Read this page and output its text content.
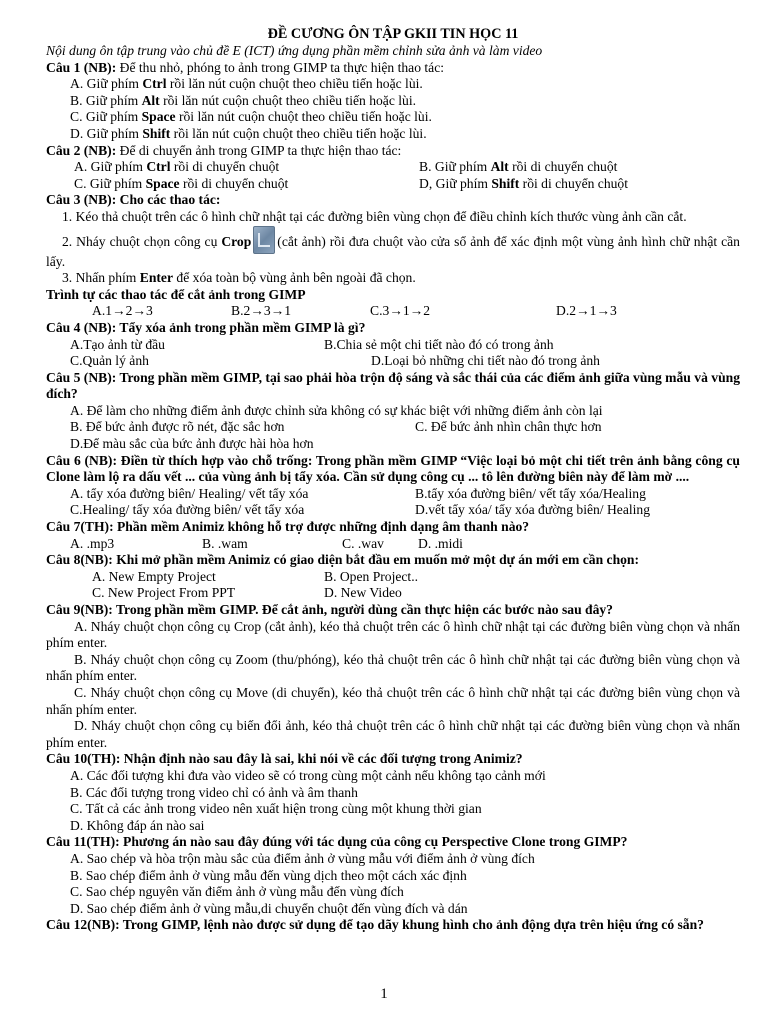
ĐỀ CƯƠNG ÔN TẬP GKII TIN HỌC 11
Nội dung ôn tập trung vào chủ đề E (ICT) ứng dụng phần mềm chỉnh sửa ảnh và làm video
Câu 1 (NB): Để thu nhỏ, phóng to ảnh trong GIMP ta thực hiện thao tác:
A. Giữ phím Ctrl rồi lăn nút cuộn chuột theo chiều tiến hoặc lùi.
B. Giữ phím Alt rồi lăn nút cuộn chuột theo chiều tiến hoặc lùi.
C. Giữ phím Space rồi lăn nút cuộn chuột theo chiều tiến hoặc lùi.
D. Giữ phím Shift rồi lăn nút cuộn chuột theo chiều tiến hoặc lùi.
Câu 2 (NB): Để di chuyển ảnh trong GIMP ta thực hiện thao tác:
A. Giữ phím Ctrl rồi di chuyển chuột	B. Giữ phím Alt rồi di chuyển chuột
C. Giữ phím Space rồi di chuyển chuột	D, Giữ phím Shift rồi di chuyển chuột
Câu 3 (NB): Cho các thao tác:
1. Kéo thả chuột trên các ô hình chữ nhật tại các đường biên vùng chọn để điều chỉnh kích thước vùng ảnh cần cắt.
2. Nháy chuột chọn công cụ Crop (cắt ảnh) rồi đưa chuột vào cửa sổ ảnh để xác định một vùng ảnh hình chữ nhật cần lấy.
3. Nhấn phím Enter để xóa toàn bộ vùng ảnh bên ngoài đã chọn.
Trình tự các thao tác để cắt ảnh trong GIMP
A.1→2→3	B.2→3→1	C.3→1→2	D.2→1→3
Câu 4 (NB): Tẩy xóa ảnh trong phần mềm GIMP là gì?
A.Tạo ảnh từ đầu	B.Chia sẻ một chi tiết nào đó có trong ảnh
C.Quản lý ảnh	D.Loại bỏ những chi tiết nào đó trong ảnh
Câu 5 (NB): Trong phần mềm GIMP, tại sao phải hòa trộn độ sáng và sắc thái của các điểm ảnh giữa vùng mẫu và vùng đích?
A. Để làm cho những điểm ảnh được chỉnh sửa không có sự khác biệt với những điểm ảnh còn lại
B. Để bức ảnh được rõ nét, đặc sắc hơn	C. Để bức ảnh nhìn chân thực hơn
D.Để màu sắc của bức ảnh được hài hòa hơn
Câu 6 (NB): Điền từ thích hợp vào chỗ trống: Trong phần mềm GIMP “Việc loại bỏ một chi tiết trên ảnh bằng công cụ Clone làm lộ ra dấu vết ... của vùng ảnh bị tẩy xóa. Cần sử dụng công cụ ... tô lên đường biên này để làm mờ ....
A. tẩy xóa đường biên/ Healing/ vết tẩy xóa	B.tẩy xóa đường biên/ vết tẩy xóa/Healing
C.Healing/ tẩy xóa đường biên/ vết tẩy xóa	D.vết tẩy xóa/ tẩy xóa đường biên/ Healing
Câu 7(TH): Phần mềm Animiz không hỗ trợ được những định dạng âm thanh nào?
A. .mp3	B. .wam	C. .wav	D. .midi
Câu 8(NB): Khi mở phần mềm Animiz có giao diện bắt đầu em muốn mở một dự án mới em cần chọn:
A. New Empty Project	B. Open Project..
C. New Project From PPT	D. New Video
Câu 9(NB): Trong phần mềm GIMP. Để cắt ảnh, người dùng cần thực hiện các bước nào sau đây?
A. Nháy chuột chọn công cụ Crop (cắt ảnh), kéo thả chuột trên các ô hình chữ nhật tại các đường biên vùng chọn và nhấn phím enter.
B. Nháy chuột chọn công cụ Zoom (thu/phóng), kéo thả chuột trên các ô hình chữ nhật tại các đường biên vùng chọn và nhấn phím enter.
C. Nháy chuột chọn công cụ Move (di chuyển), kéo thả chuột trên các ô hình chữ nhật tại các đường biên vùng chọn và nhấn phím enter.
D. Nháy chuột chọn công cụ biến đổi ảnh, kéo thả chuột trên các ô hình chữ nhật tại các đường biên vùng chọn và nhấn phím enter.
Câu 10(TH): Nhận định nào sau đây là sai, khi nói về các đối tượng trong Animiz?
A. Các đối tượng khi đưa vào video sẽ có trong cùng một cảnh nếu không tạo cảnh mới
B. Các đối tượng trong video chỉ có ảnh và âm thanh
C. Tất cả các ảnh trong video nên xuất hiện trong cùng một khung thời gian
D. Không đáp án nào sai
Câu 11(TH): Phương án nào sau đây đúng với tác dụng của công cụ Perspective Clone trong GIMP?
A. Sao chép và hòa trộn màu sắc của điểm ảnh ở vùng mẫu với điểm ảnh ở vùng đích
B. Sao chép điểm ảnh ở vùng mẫu đến vùng dịch theo một cách xác định
C. Sao chép nguyên văn điểm ảnh ở vùng mẫu đến vùng đích
D. Sao chép điểm ảnh ở vùng mẫu,di chuyển chuột đến vùng đích và dán
Câu 12(NB): Trong GIMP, lệnh nào được sử dụng để tạo dãy khung hình cho ảnh động dựa trên hiệu ứng có sẵn?
1
